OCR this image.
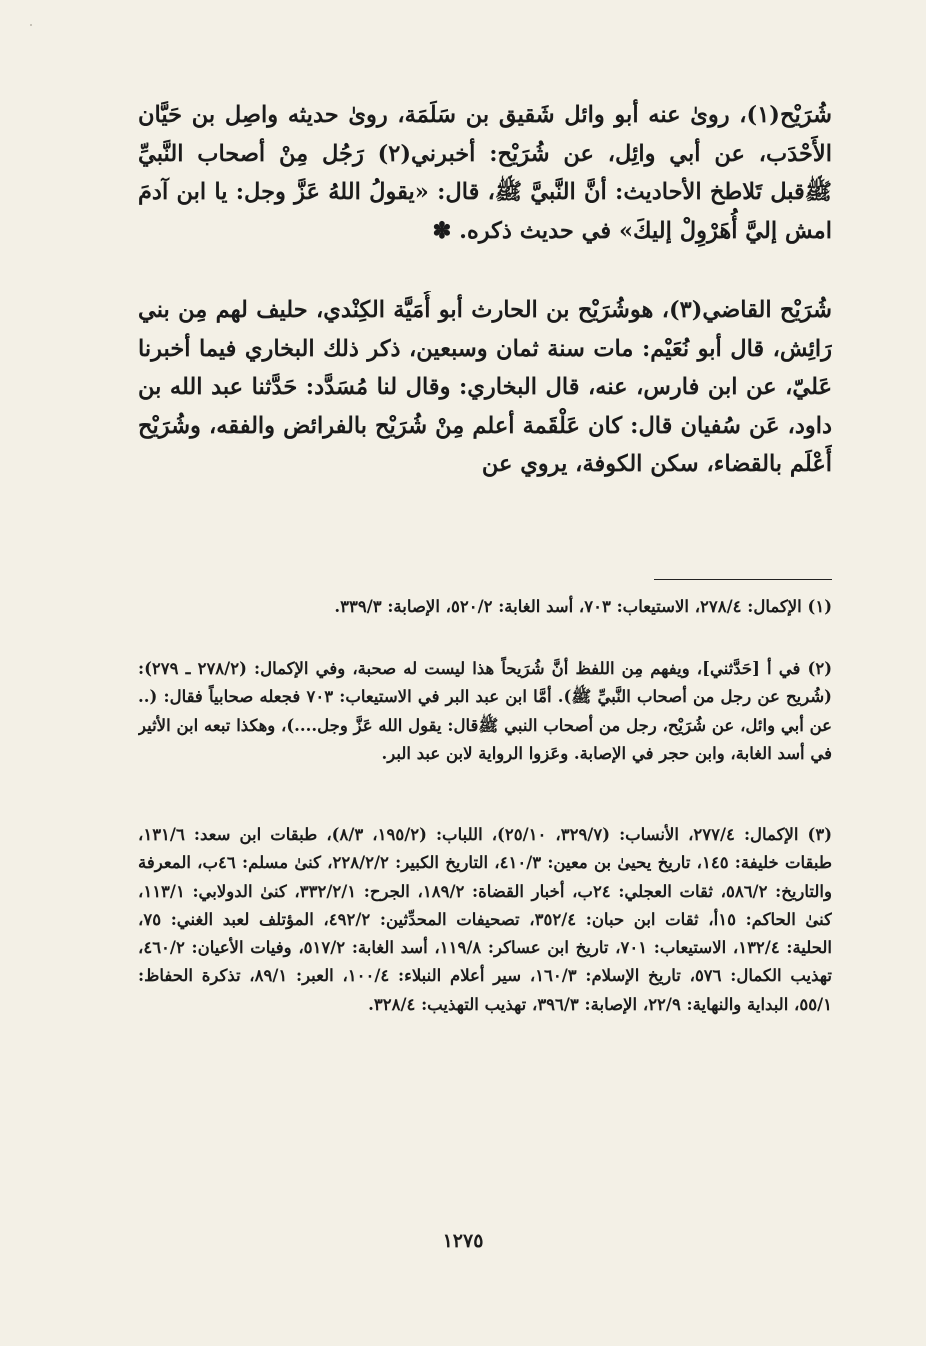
شُرَيْح(١)، روىٰ عنه أبو وائل شَقيق بن سَلَمَة، روىٰ حديثه واصِل بن حَيَّان الأَحْدَب، عن أبي وائِل، عن شُرَيْح: أخبرني(٢) رَجُل مِنْ أصحاب النَّبيِّ ﷺقبل تَلاطخ الأحاديث: أنَّ النَّبيَّ ﷺ، قال: «يقولُ اللهُ عَزَّ وجل: يا ابن آدمَ امش إليَّ أُهَرْوِلْ إليكَ» في حديث ذكره. ✽

شُرَيْح القاضي(٣)، هوشُرَيْح بن الحارث أبو أُمَيَّة الكِنْدي، حليف لهم مِن بني رَائِش، قال أبو نُعَيْم: مات سنة ثمان وسبعين، ذكر ذلك البخاري فيما أخبرنا عَليّ، عن ابن فارس، عنه، قال البخاري: وقال لنا مُسَدَّد: حَدَّثنا عبد الله بن داود، عَن سُفيان قال: كان عَلْقَمة أعلم مِنْ شُرَيْح بالفرائض والفقه، وشُرَيْح أَعْلَم بالقضاء، سكن الكوفة، يروي عن

(١) الإكمال: ٢٧٨/٤، الاستيعاب: ٧٠٣، أسد الغابة: ٥٢٠/٢، الإصابة: ٣٣٩/٣.

(٢) في أ [حَدَّثني]، ويفهم مِن اللفظ أنَّ شُرَيحاً هذا ليست له صحبة، وفي الإكمال: (٢٧٨/٢ ـ ٢٧٩): (شُريح عن رجل من أصحاب النَّبيِّ ﷺ). أمَّا ابن عبد البر في الاستيعاب: ٧٠٣ فجعله صحابياً فقال: (.. عن أبي وائل، عن شُرَيْح، رجل من أصحاب النبي ﷺقال: يقول الله عَزَّ وجل....)، وهكذا تبعه ابن الأثير في أسد الغابة، وابن حجر في الإصابة. وعَزوا الرواية لابن عبد البر.

(٣) الإكمال: ٢٧٧/٤، الأنساب: (٣٢٩/٧، ٢٥/١٠)، اللباب: (١٩٥/٢، ٨/٣)، طبقات ابن سعد: ١٣١/٦، طبقات خليفة: ١٤٥، تاريخ يحيىٰ بن معين: ٤١٠/٣، التاريخ الكبير: ٢٢٨/٢/٢، كنىٰ مسلم: ٤٦ب، المعرفة والتاريخ: ٥٨٦/٢، ثقات العجلي: ٢٤ب، أخبار القضاة: ١٨٩/٢، الجرح: ٣٣٢/٢/١، كنىٰ الدولابي: ١١٣/١، كنىٰ الحاكم: ١٥أ، ثقات ابن حبان: ٣٥٢/٤، تصحيفات المحدِّثين: ٤٩٢/٢، المؤتلف لعبد الغني: ٧٥، الحلية: ١٣٢/٤، الاستيعاب: ٧٠١، تاريخ ابن عساكر: ١١٩/٨، أسد الغابة: ٥١٧/٢، وفيات الأعيان: ٤٦٠/٢، تهذيب الكمال: ٥٧٦، تاريخ الإسلام: ١٦٠/٣، سير أعلام النبلاء: ١٠٠/٤، العبر: ٨٩/١، تذكرة الحفاظ: ٥٥/١، البداية والنهاية: ٢٢/٩، الإصابة: ٣٩٦/٣، تهذيب التهذيب: ٣٢٨/٤.

١٢٧٥
